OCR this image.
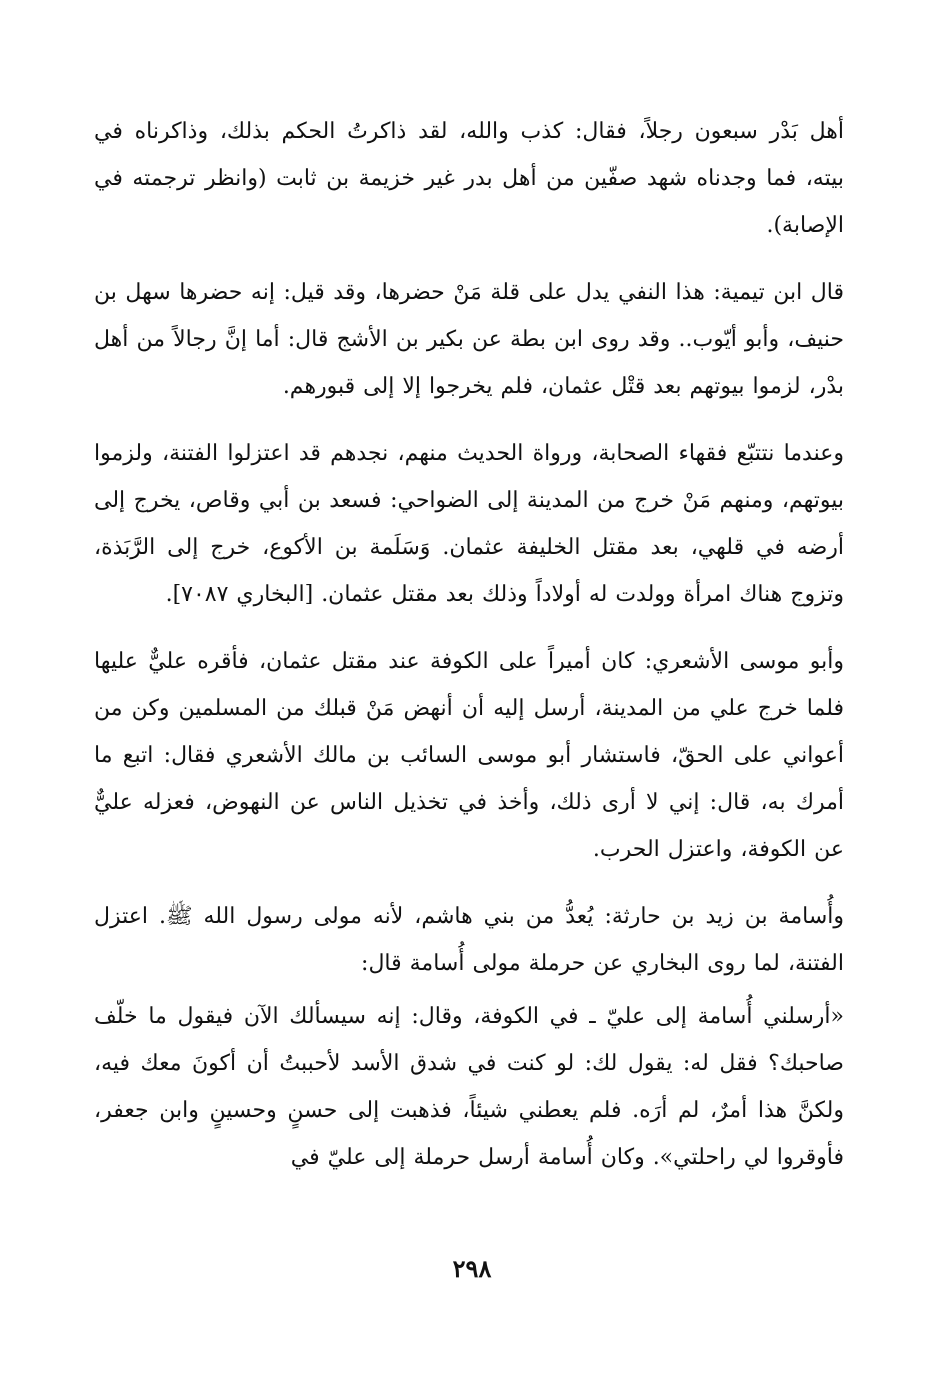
أهل بَدْر سبعون رجلاً، فقال: كذب والله، لقد ذاكرتُ الحكم بذلك، وذاكرناه في بيته، فما وجدناه شهد صفّين من أهل بدر غير خزيمة بن ثابت (وانظر ترجمته في الإصابة).

قال ابن تيمية: هذا النفي يدل على قلة مَنْ حضرها، وقد قيل: إنه حضرها سهل بن حنيف، وأبو أيّوب.. وقد روى ابن بطة عن بكير بن الأشج قال: أما إنَّ رجالاً من أهل بدْر، لزموا بيوتهم بعد قتْل عثمان، فلم يخرجوا إلا إلى قبورهم.

وعندما نتتبّع فقهاء الصحابة، ورواة الحديث منهم، نجدهم قد اعتزلوا الفتنة، ولزموا بيوتهم، ومنهم مَنْ خرج من المدينة إلى الضواحي: فسعد بن أبي وقاص، يخرج إلى أرضه في قلهي، بعد مقتل الخليفة عثمان. وَسَلَمة بن الأكوع، خرج إلى الرَّبَذة، وتزوج هناك امرأة وولدت له أولاداً وذلك بعد مقتل عثمان. [البخاري ٧٠٨٧].

وأبو موسى الأشعري: كان أميراً على الكوفة عند مقتل عثمان، فأقره عليٌّ عليها فلما خرج علي من المدينة، أرسل إليه أن أنهض مَنْ قبلك من المسلمين وكن من أعواني على الحقّ، فاستشار أبو موسى السائب بن مالك الأشعري فقال: اتبع ما أمرك به، قال: إني لا أرى ذلك، وأخذ في تخذيل الناس عن النهوض، فعزله عليٌّ عن الكوفة، واعتزل الحرب.

وأُسامة بن زيد بن حارثة: يُعدُّ من بني هاشم، لأنه مولى رسول الله ﷺ. اعتزل الفتنة، لما روى البخاري عن حرملة مولى أُسامة قال:

«أرسلني أُسامة إلى عليّ ـ في الكوفة، وقال: إنه سيسألك الآن فيقول ما خلّف صاحبك؟ فقل له: يقول لك: لو كنت في شدق الأسد لأحببتُ أن أكونَ معك فيه، ولكنَّ هذا أمرٌ، لم أرَه. فلم يعطني شيئاً، فذهبت إلى حسنٍ وحسينٍ وابن جعفر، فأوقروا لي راحلتي». وكان أُسامة أرسل حرملة إلى عليّ في

٢٩٨
